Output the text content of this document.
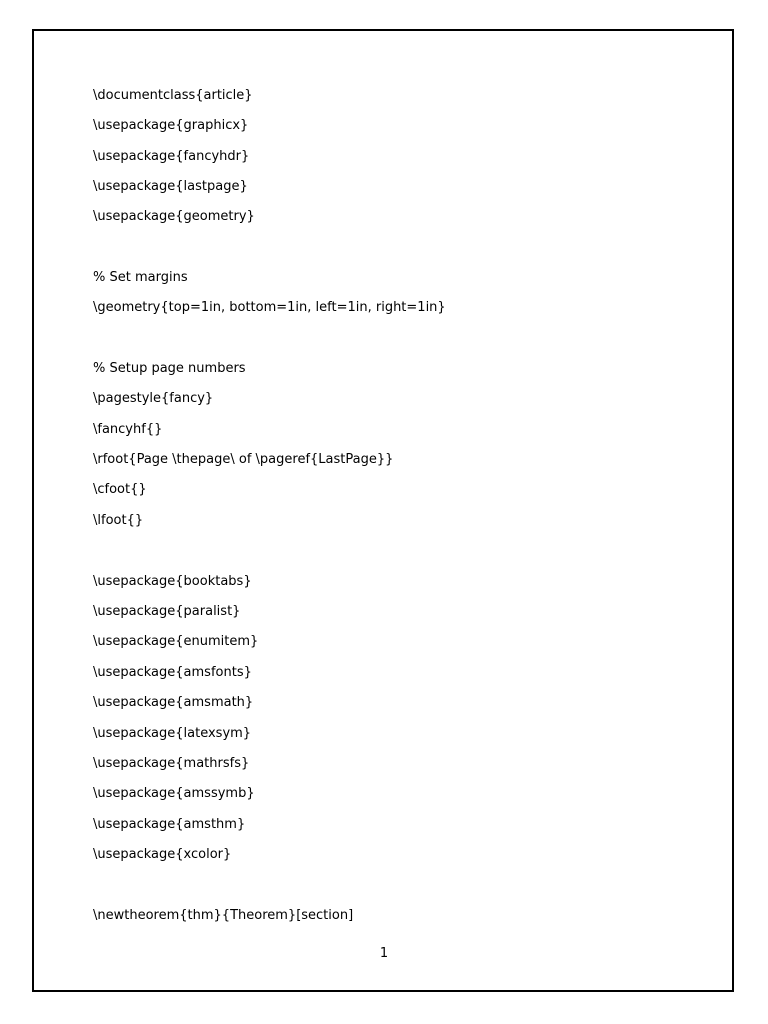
\documentclass{article}
\usepackage{graphicx}
\usepackage{fancyhdr}
\usepackage{lastpage}
\usepackage{geometry}
% Set margins
\geometry{top=1in, bottom=1in, left=1in, right=1in}
% Setup page numbers
\pagestyle{fancy}
\fancyhf{}
\rfoot{Page \thepage\ of \pageref{LastPage}}
\cfoot{}
\lfoot{}
\usepackage{booktabs}
\usepackage{paralist}
\usepackage{enumitem}
\usepackage{amsfonts}
\usepackage{amsmath}
\usepackage{latexsym}
\usepackage{mathrsfs}
\usepackage{amssymb}
\usepackage{amsthm}
\usepackage{xcolor}
\newtheorem{thm}{Theorem}[section]
1
